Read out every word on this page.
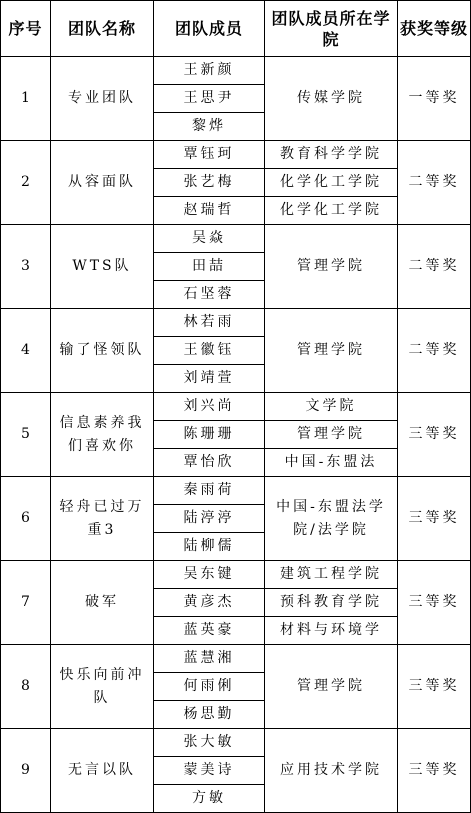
序号	团队名称	团队成员	团队成员所在学院	获奖等级
1	专业团队	王新颜	传媒学院	一等奖
		王思尹		
		黎烨		
2	从容面队	覃钰珂	教育科学学院	二等奖
		张艺梅	化学化工学院	
		赵瑞哲	化学化工学院	
3	WTS队	吴焱	管理学院	二等奖
		田喆		
		石坚蓉		
4	输了怪领队	林若雨	管理学院	二等奖
		王徽钰		
		刘靖萱		
5	信息素养我们喜欢你	刘兴尚	文学院	三等奖
		陈珊珊	管理学院	
		覃怡欣	中国-东盟法	
6	轻舟已过万重3	秦雨荷	中国-东盟法学院/法学院	三等奖
		陆渟渟		
		陆柳儒		
7	破军	吴东键	建筑工程学院	三等奖
		黄彦杰	预科教育学院	
		蓝英豪	材料与环境学	
8	快乐向前冲队	蓝慧湘	管理学院	三等奖
		何雨俐		
		杨思勤		
9	无言以队	张大敏	应用技术学院	三等奖
		蒙美诗		
		方敏		
